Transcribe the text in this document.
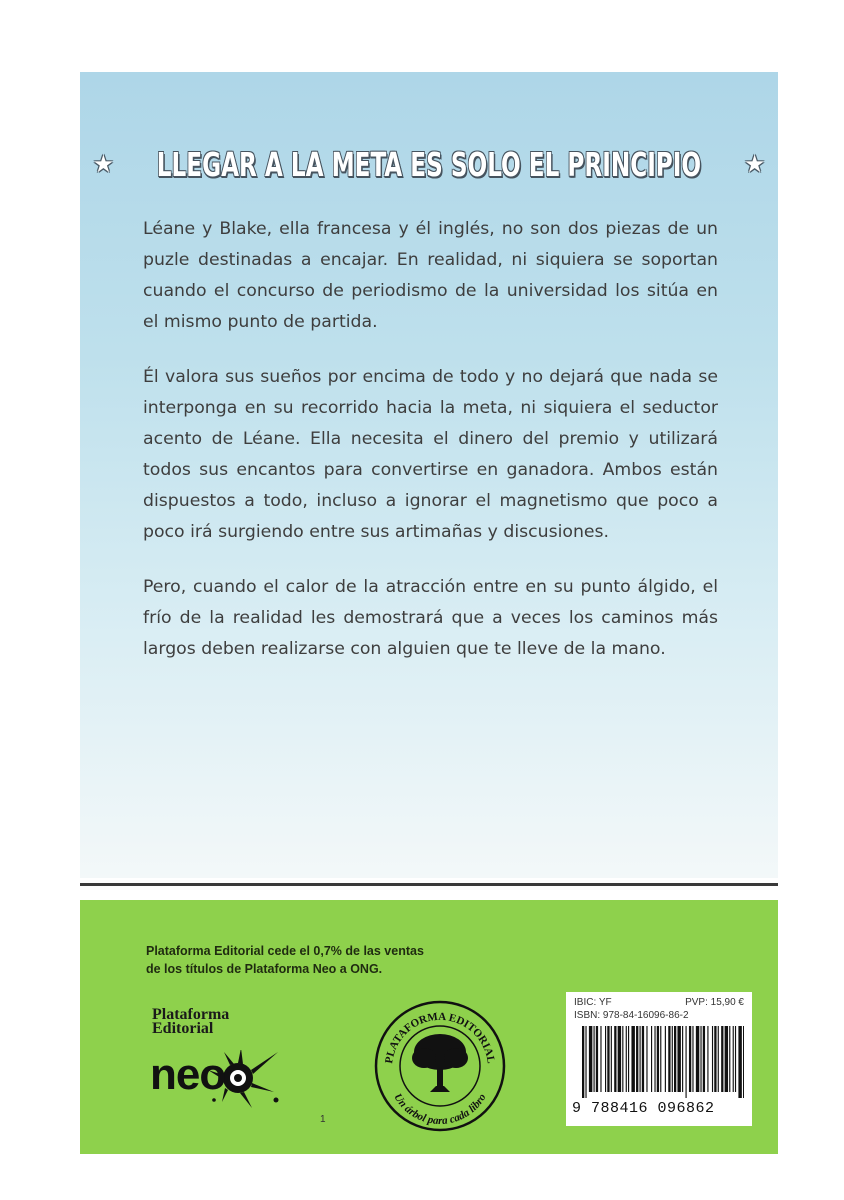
★ LLEGAR A LA META ES SOLO EL PRINCIPIO ★

Léane y Blake, ella francesa y él inglés, no son dos piezas de un puzle destinadas a encajar. En realidad, ni siquiera se soportan cuando el concurso de periodismo de la universidad los sitúa en el mismo punto de partida.

Él valora sus sueños por encima de todo y no dejará que nada se interponga en su recorrido hacia la meta, ni siquiera el seductor acento de Léane. Ella necesita el dinero del premio y utilizará todos sus encantos para convertirse en ganadora. Ambos están dispuestos a todo, incluso a ignorar el magnetismo que poco a poco irá surgiendo entre sus artimañas y discusiones.

Pero, cuando el calor de la atracción entre en su punto álgido, el frío de la realidad les demostrará que a veces los caminos más largos deben realizarse con alguien que te lleve de la mano.

Plataforma Editorial cede el 0,7% de las ventas
de los títulos de Plataforma Neo a ONG.
Plataforma
Editorial
neo	PLATAFORMA EDITORIAL
Un árbol para cada libro
IBIC: YF	PVP: 15,90 €
ISBN: 978-84-16096-86-2
9 788416 096862
1
